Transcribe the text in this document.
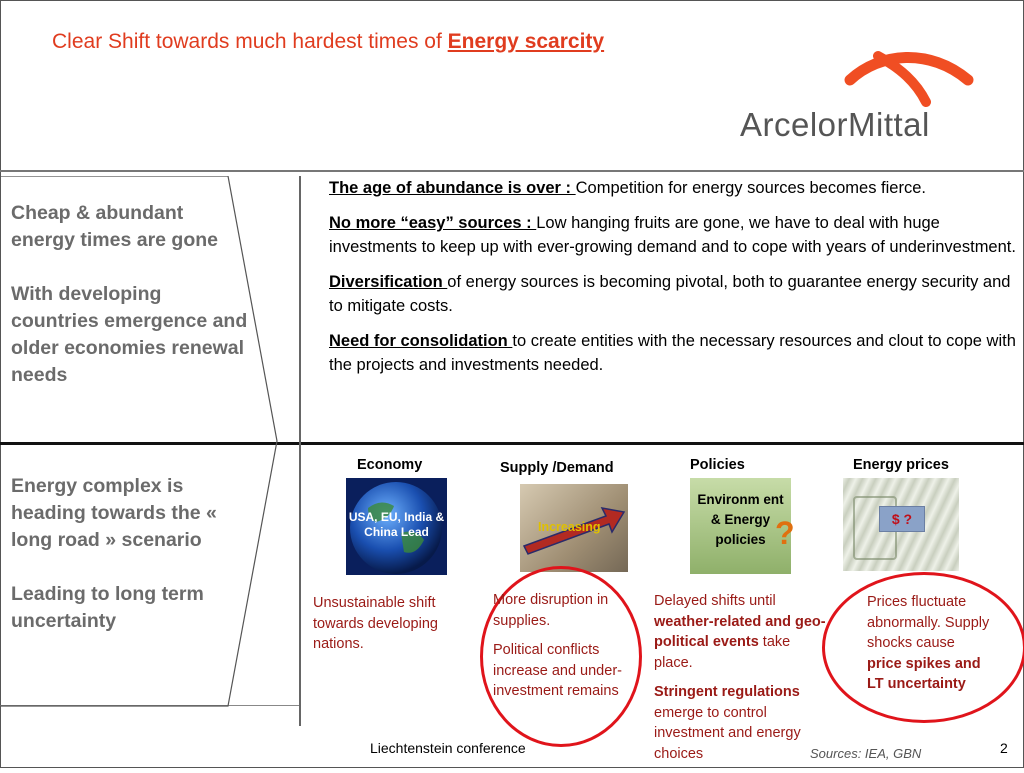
Clear Shift towards much hardest times of Energy scarcity
ArcelorMittal

Cheap & abundant energy times are gone

With developing countries emergence and older economies renewal needs

Energy complex is heading towards the « long road » scenario

Leading to long term uncertainty

The age of abundance is over : Competition for energy sources becomes fierce.

No more “easy” sources : Low hanging fruits are gone, we have to deal with huge investments to keep up with ever-growing demand and to cope with years of underinvestment.

Diversification of energy sources is becoming pivotal, both to guarantee energy security and to mitigate costs.

Need for consolidation to create entities with the necessary resources and clout to cope with the projects and investments needed.

Economy	Supply /Demand	Policies	Energy prices
USA, EU, India & China Lead	Increasing
Environm ent & Energy policies ?	$ ?

Unsustainable shift towards developing nations.

More disruption in supplies.

Political conflicts increase and under-investment remains

Delayed shifts until weather-related and geo-political events take place.

Stringent regulations emerge to control investment and energy choices

Prices fluctuate abnormally. Supply shocks cause price spikes and LT uncertainty

Liechtenstein conference	Sources: IEA, GBN	2
